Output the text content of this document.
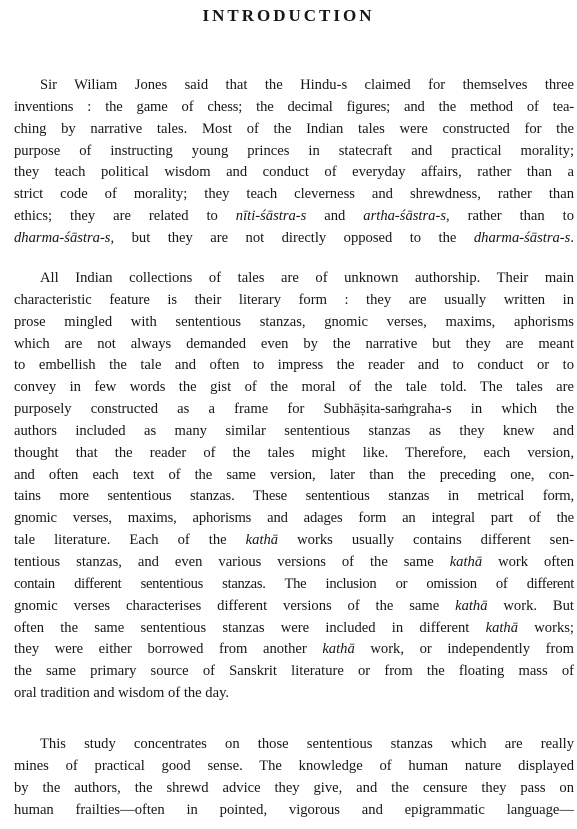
INTRODUCTION
Sir Wiliam Jones said that the Hindu-s claimed for themselves three
inventions : the game of chess; the decimal figures; and the method of tea-
ching by narrative tales. Most of the Indian tales were constructed for the
purpose of instructing young princes in statecraft and practical morality;
they teach political wisdom and conduct of everyday affairs, rather than a
strict code of morality; they teach cleverness and shrewdness, rather than
ethics; they are related to nīti-śāstra-s and artha-śāstra-s, rather than to
dharma-śāstra-s, but they are not directly opposed to the dharma-śāstra-s.
All Indian collections of tales are of unknown authorship. Their main
characteristic feature is their literary form : they are usually written in
prose mingled with sententious stanzas, gnomic verses, maxims, aphorisms
which are not always demanded even by the narrative but they are meant
to embellish the tale and often to impress the reader and to conduct or to
convey in few words the gist of the moral of the tale told. The tales are
purposely constructed as a frame for Subhāṣita-saṁgraha-s in which the
authors included as many similar sententious stanzas as they knew and
thought that the reader of the tales might like. Therefore, each version,
and often each text of the same version, later than the preceding one, con-
tains more sententious stanzas. These sententious stanzas in metrical form,
gnomic verses, maxims, aphorisms and adages form an integral part of the
tale literature. Each of the kathā works usually contains different sen-
tentious stanzas, and even various versions of the same kathā work often
contain different sententious stanzas. The inclusion or omission of different
gnomic verses characterises different versions of the same kathā work. But
often the same sententious stanzas were included in different kathā works;
they were either borrowed from another kathā work, or independently from
the same primary source of Sanskrit literature or from the floating mass of
oral tradition and wisdom of the day.
This study concentrates on those sententious stanzas which are really
mines of practical good sense. The knowledge of human nature displayed
by the authors, the shrewd advice they give, and the censure they pass on
human frailties—often in pointed, vigorous and epigrammatic language—
